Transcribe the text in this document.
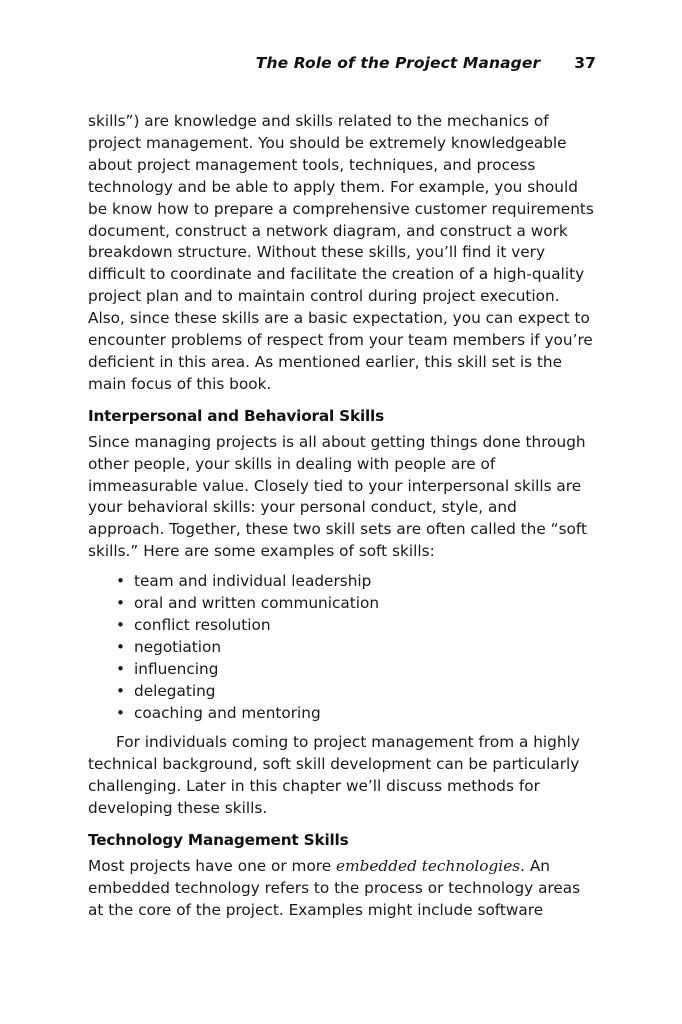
The Role of the Project Manager 37

skills”) are knowledge and skills related to the mechanics of project management. You should be extremely knowledgeable about project management tools, techniques, and process technology and be able to apply them. For example, you should be know how to prepare a comprehensive customer requirements document, construct a network diagram, and construct a work breakdown structure. Without these skills, you’ll find it very difficult to coordinate and facilitate the creation of a high-quality project plan and to maintain control during project execution. Also, since these skills are a basic expectation, you can expect to encounter problems of respect from your team members if you’re deficient in this area. As mentioned earlier, this skill set is the main focus of this book.

Interpersonal and Behavioral Skills

Since managing projects is all about getting things done through other people, your skills in dealing with people are of immeasurable value. Closely tied to your interpersonal skills are your behavioral skills: your personal conduct, style, and approach. Together, these two skill sets are often called the “soft skills.” Here are some examples of soft skills:

• team and individual leadership
• oral and written communication
• conflict resolution
• negotiation
• influencing
• delegating
• coaching and mentoring

For individuals coming to project management from a highly technical background, soft skill development can be particularly challenging. Later in this chapter we’ll discuss methods for developing these skills.

Technology Management Skills

Most projects have one or more embedded technologies. An embedded technology refers to the process or technology areas at the core of the project. Examples might include software
